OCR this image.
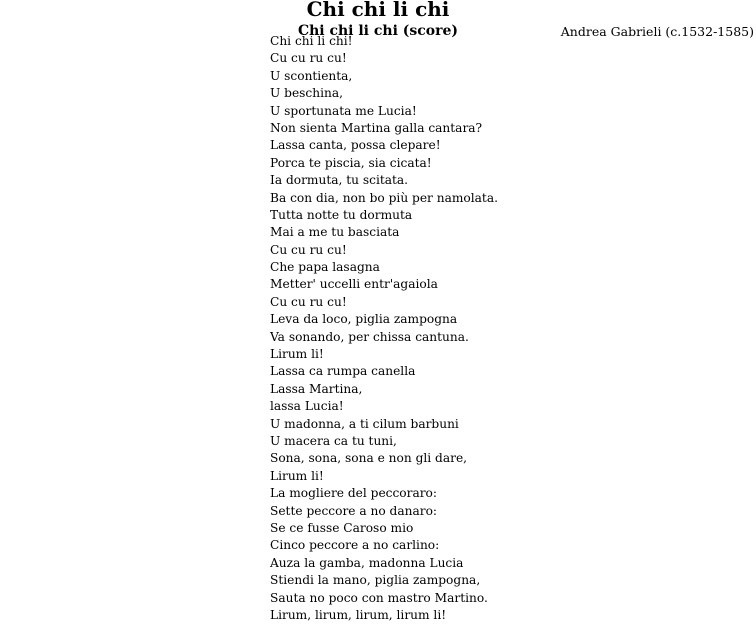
Chi chi li chi
Chi chi li chi (score)	Andrea Gabrieli (c.1532-1585)
Chi chi li chi!
Cu cu ru cu!
U scontienta,
U beschina,
U sportunata me Lucia!
Non sienta Martina galla cantara?
Lassa canta, possa clepare!
Porca te piscia, sia cicata!
Ia dormuta, tu scitata.
Ba con dia, non bo più per namolata.
Tutta notte tu dormuta
Mai a me tu basciata
Cu cu ru cu!
Che papa lasagna
Metter' uccelli entr'agaiola
Cu cu ru cu!
Leva da loco, piglia zampogna
Va sonando, per chissa cantuna.
Lirum li!
Lassa ca rumpa canella
Lassa Martina,
lassa Lucia!
U madonna, a ti cilum barbuni
U macera ca tu tuni,
Sona, sona, sona e non gli dare,
Lirum li!
La mogliere del peccoraro:
Sette peccore a no danaro:
Se ce fusse Caroso mio
Cinco peccore a no carlino:
Auza la gamba, madonna Lucia
Stiendi la mano, piglia zampogna,
Sauta no poco con mastro Martino.
Lirum, lirum, lirum, lirum li!
